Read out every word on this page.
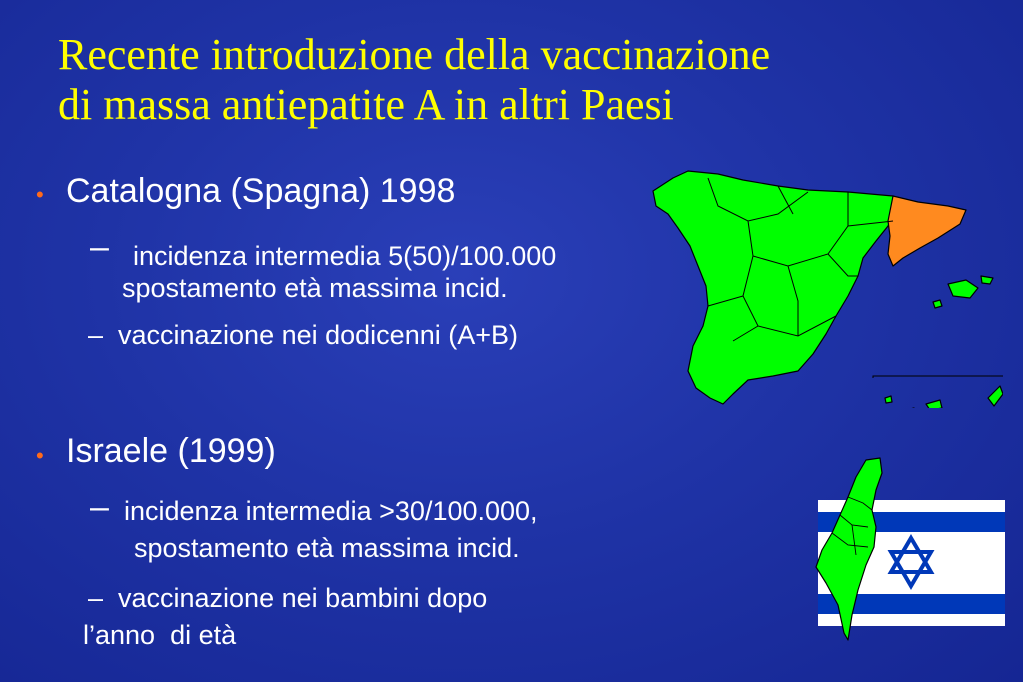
Recente introduzione della vaccinazione
di massa antiepatite A in altri Paesi
• Catalogna (Spagna) 1998
– incidenza intermedia 5(50)/100.000
spostamento età massima incid.
– vaccinazione nei dodicenni (A+B)
• Israele (1999)
– incidenza intermedia >30/100.000,
spostamento età massima incid.
– vaccinazione nei bambini dopo
l’anno  di età
